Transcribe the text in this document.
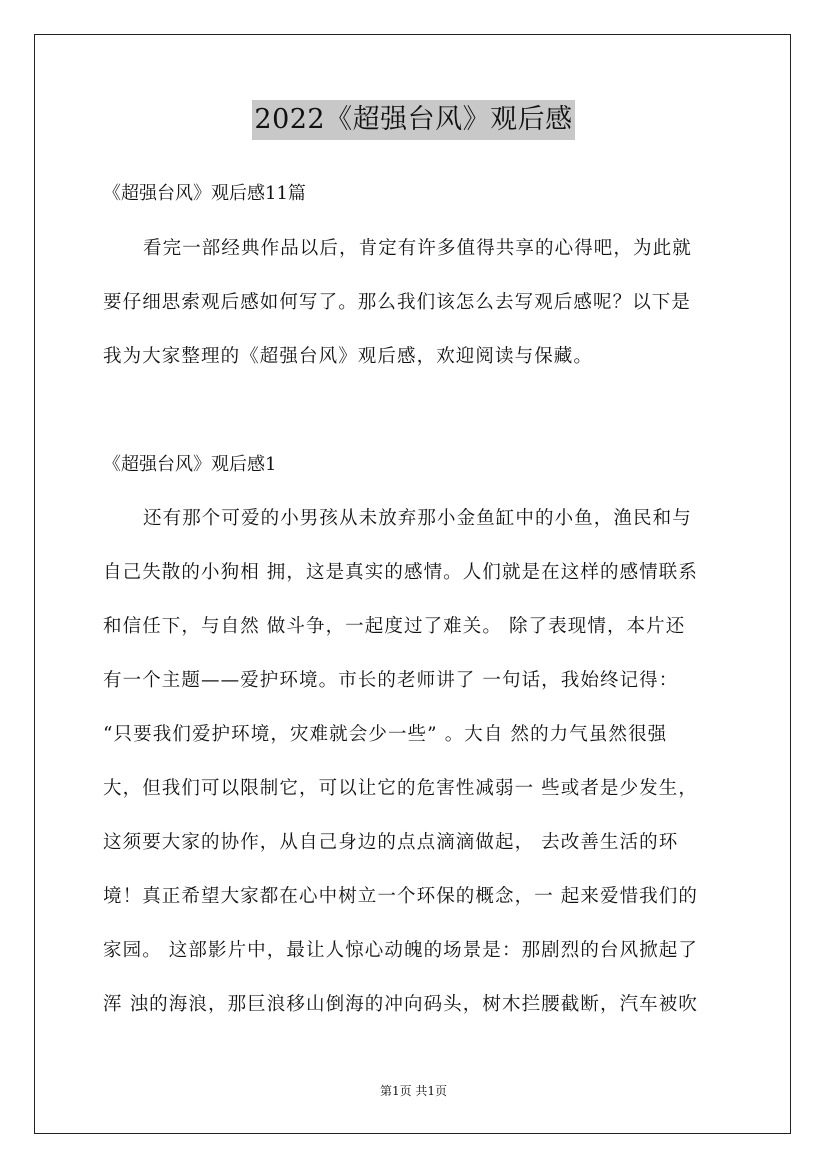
2022《超强台风》观后感
《超强台风》观后感11篇
看完一部经典作品以后，肯定有许多值得共享的心得吧，为此就
要仔细思索观后感如何写了。那么我们该怎么去写观后感呢？以下是
我为大家整理的《超强台风》观后感，欢迎阅读与保藏。
《超强台风》观后感1
还有那个可爱的小男孩从未放弃那小金鱼缸中的小鱼，渔民和与
自己失散的小狗相 拥，这是真实的感情。人们就是在这样的感情联系
和信任下，与自然 做斗争，一起度过了难关。 除了表现情，本片还
有一个主题——爱护环境。市长的老师讲了 一句话，我始终记得：
“只要我们爱护环境，灾难就会少一些” 。大自 然的力气虽然很强
大，但我们可以限制它，可以让它的危害性减弱一 些或者是少发生，
这须要大家的协作，从自己身边的点点滴滴做起， 去改善生活的环
境！真正希望大家都在心中树立一个环保的概念，一 起来爱惜我们的
家园。 这部影片中，最让人惊心动魄的场景是：那剧烈的台风掀起了
浑 浊的海浪，那巨浪移山倒海的冲向码头，树木拦腰截断，汽车被吹
第1页 共1页
